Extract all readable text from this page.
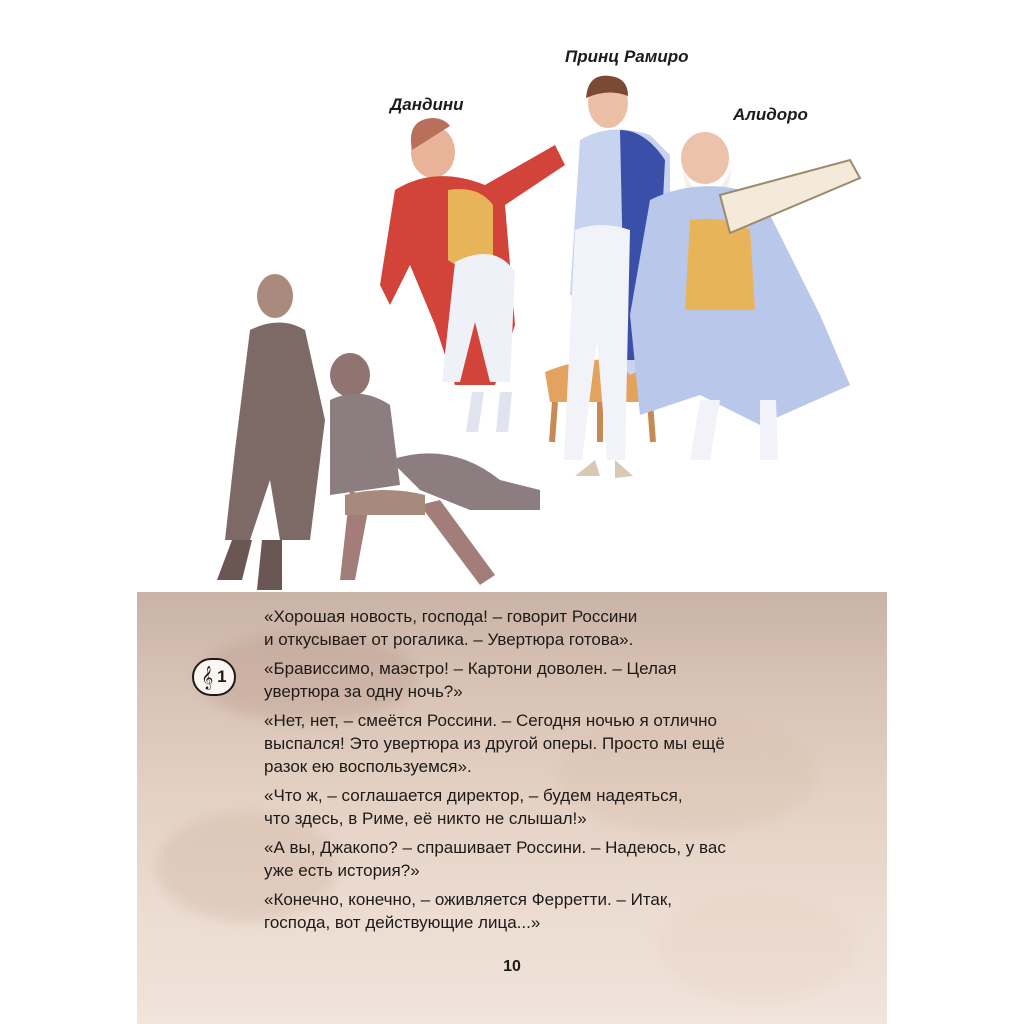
Принц Рамиро
Дандини
Алидоро
𝄞 1

«Хорошая новость, господа! – говорит Россини
и откусывает от рогалика. – Увертюра готова».

«Брависсимо, маэстро! – Картони доволен. – Целая
увертюра за одну ночь?»

«Нет, нет, – смеётся Россини. – Сегодня ночью я отлично
выспался! Это увертюра из другой оперы. Просто мы ещё
разок ею воспользуемся».

«Что ж, – соглашается директор, – будем надеяться,
что здесь, в Риме, её никто не слышал!»

«А вы, Джакопо? – спрашивает Россини. – Надеюсь, у вас
уже есть история?»

«Конечно, конечно, – оживляется Ферретти. – Итак,
господа, вот действующие лица...»

10
